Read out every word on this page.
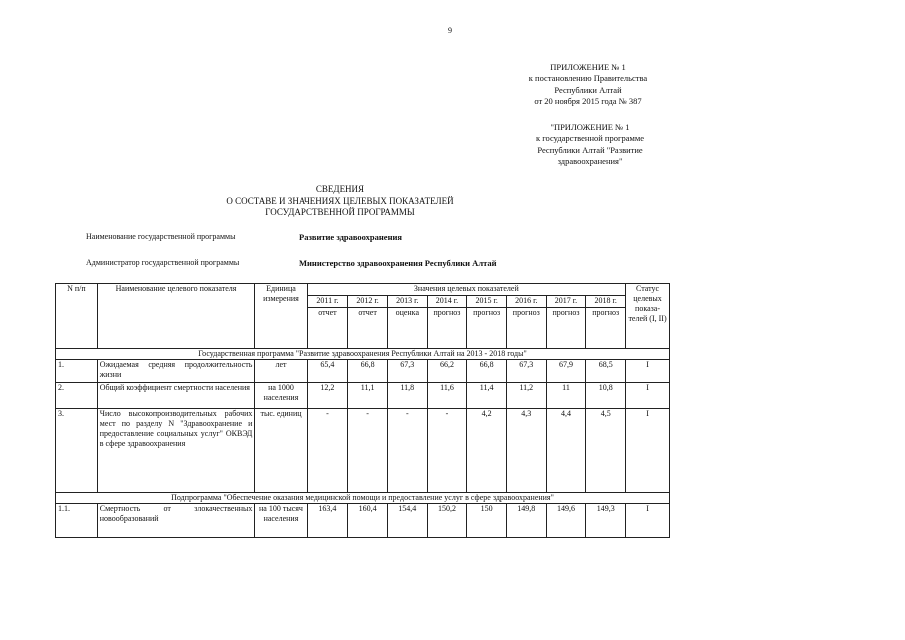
9
ПРИЛОЖЕНИЕ № 1
к постановлению Правительства
Республики Алтай
от 20 ноября 2015 года № 387
"ПРИЛОЖЕНИЕ № 1
к государственной программе
Республики Алтай "Развитие
здравоохранения"
СВЕДЕНИЯ
О СОСТАВЕ И ЗНАЧЕНИЯХ ЦЕЛЕВЫХ ПОКАЗАТЕЛЕЙ
ГОСУДАРСТВЕННОЙ ПРОГРАММЫ
Наименование государственной программы	Развитие здравоохранения
Администратор государственной программы	Министерство здравоохранения Республики Алтай
N п/п	Наименование целевого показателя	Единица измерения	Значения целевых показателей								Статус целевых показа-телей (I, II)
			2011 г.	2012 г.	2013 г.	2014 г.	2015 г.	2016 г.	2017 г.	2018 г.	
			отчет	отчет	оценка	прогноз	прогноз	прогноз	прогноз	прогноз	
Государственная программа "Развитие здравоохранения Республики Алтай на 2013 - 2018 годы"											
1.	Ожидаемая средняя продолжительность жизни	лет	65,4	66,8	67,3	66,2	66,8	67,3	67,9	68,5	I
2.	Общий коэффициент смертности населения	на 1000 населения	12,2	11,1	11,8	11,6	11,4	11,2	11	10,8	I
3.	Число высокопроизводительных рабочих мест по разделу N "Здравоохранение и предоставление социальных услуг" ОКВЭД в сфере здравоохранения	тыс. единиц	-	-	-	-	4,2	4,3	4,4	4,5	I
Подпрограмма "Обеспечение оказания медицинской помощи и предоставление услуг в сфере здравоохранения"											
1.1.	Смертность от злокачественных новообразований	на 100 тысяч населения	163,4	160,4	154,4	150,2	150	149,8	149,6	149,3	I
